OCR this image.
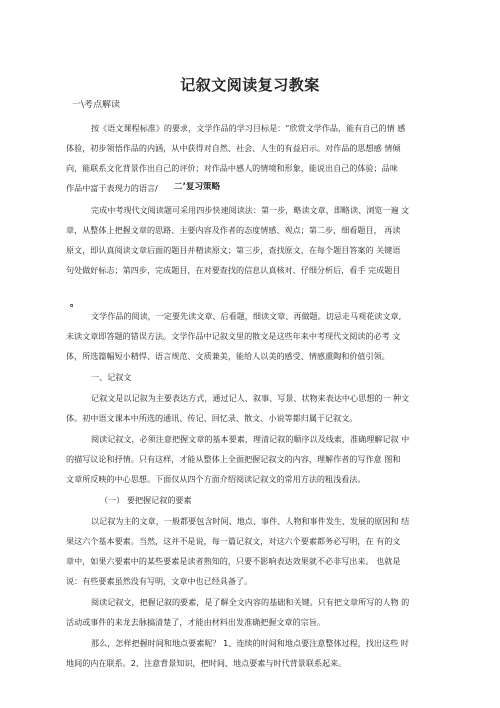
记叙文阅读复习教案
一\考点解读
按《语文课程标准》的要求，文学作品的学习目标是：“欣赏文学作品，能有自己的情 感
体验，初步领悟作品的内涵，从中获得对自然、社会、人生的有益启示。对作品的思想感 情倾
向，能联系文化背景作出自己的评价；对作品中感人的情境和形象，能说出自己的体验；品味
作品中富于表现力的语言/ 二’复习策略
完成中考现代文阅读题可采用四步快速阅读法：第一步，略读文章，即略读、浏览一遍 文
章，从整体上把握文章的思路、主要内容及作者的态度情感、观点；第二步，细看题目， 再读
原文，即认真阅读文章后面的题目并精读原文；第三步，查找原文，在每个题目答案的 关键语
句处做好标志；第四步，完成题目，在对要查找的信息认真核对、仔细分析后，看手 完成题目
。
文学作品的阅读，一定要先读文章、后看题，细读文章、再做题。切忌走马观花读文章,
未读文章即答题的错误方法。文学作品中记叙文里的散文是这些年来中考现代文阅读的必考 文
体，所选篇幅短小精悍、语言规范、文质兼美，能给人以美的感受、情感熏陶和价值引领。
一、记叙文
记叙文是以记叙为主要表达方式，通过记人、叙事、写景、状物来表达中心思想的一 种文
体。初中语文课本中所选的通讯、传记、回忆录、散文、小说等都归属于记叙文。
阅读记叙文，必须注意把握文章的基本要素，理清记叙的顺序以及线索，准确理解记叙 中
的描写议论和抒情。只有这样，才能从整体上全面把握记叙文的内容，理解作者的写作意 图和
文章所反映的中心思想。下面仅从四个方面介绍阅读记叙文的常用方法的粗浅看法。
（一） 要把握记叙的要素
以记叙为主的文章，一般都要包含时间、地点、事件、人物和事件发生、发展的原因和 结
果这六个基本要素。当然，这并不是说，每一篇记叙文，对这六个要素都务必写明，在 有的文
章中，如果六要素中的某些要素是读者熟知的，只要不影响表达效果就不必非写出来。 也就是
说：有些要素虽然没有写明，文章中也已经具备了。
阅读记叙文，把握记叙的要素，是了解全文内容的基础和关键。只有把文章所写的人物 的
活动或事件的来龙去脉搞清楚了，才能由材料出发准确把握文章的宗旨。
那么，怎样把握时间和地点要素呢？ 1、连续的时间和地点要注意整体过程，找出这些 时
地间的内在联系。2、注意背景知识，把时间、地点要素与时代背景联系起来。
